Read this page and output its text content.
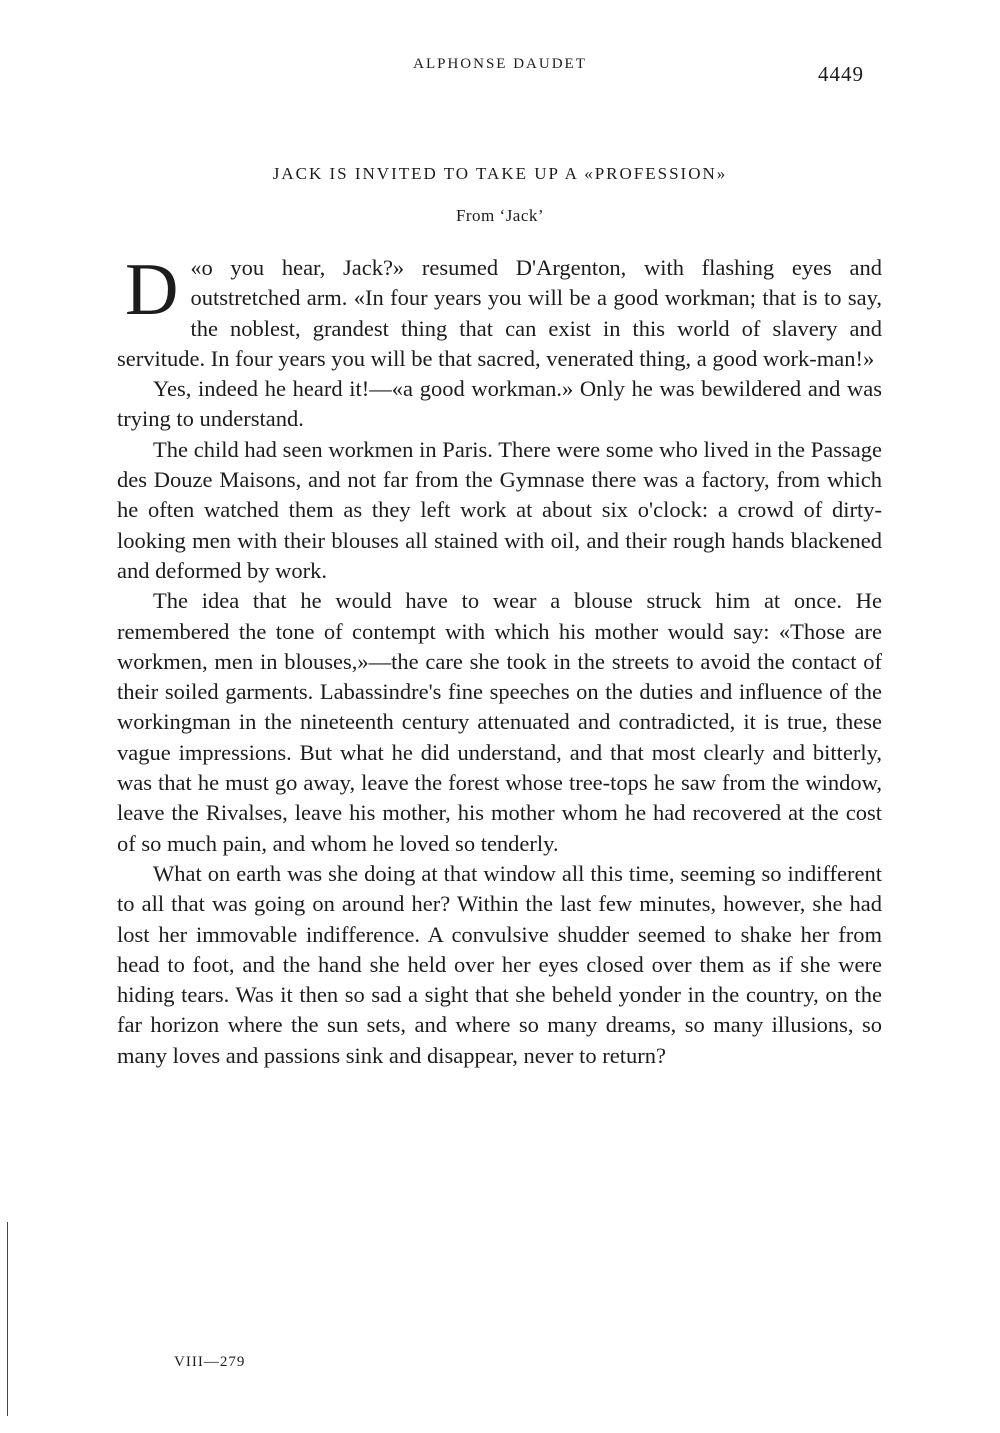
ALPHONSE DAUDET	4449
JACK IS INVITED TO TAKE UP A «PROFESSION»
From ‘Jack’

«
D o you hear, Jack?» resumed D'Argenton, with flashing eyes and outstretched arm. «In four years you will be a good workman; that is to say, the noblest, grandest thing that can exist in this world of slavery and servitude. In four years you will be that sacred, venerated thing, a good work-man!»

Yes, indeed he heard it!—«a good workman.» Only he was bewildered and was trying to understand.

The child had seen workmen in Paris. There were some who lived in the Passage des Douze Maisons, and not far from the Gymnase there was a factory, from which he often watched them as they left work at about six o'clock: a crowd of dirty-looking men with their blouses all stained with oil, and their rough hands blackened and deformed by work.

The idea that he would have to wear a blouse struck him at once. He remembered the tone of contempt with which his mother would say: «Those are workmen, men in blouses,»—the care she took in the streets to avoid the contact of their soiled garments. Labassindre's fine speeches on the duties and influence of the workingman in the nineteenth century attenuated and contradicted, it is true, these vague impressions. But what he did understand, and that most clearly and bitterly, was that he must go away, leave the forest whose tree-tops he saw from the window, leave the Rivalses, leave his mother, his mother whom he had recovered at the cost of so much pain, and whom he loved so tenderly.

What on earth was she doing at that window all this time, seeming so indifferent to all that was going on around her? Within the last few minutes, however, she had lost her immovable indifference. A convulsive shudder seemed to shake her from head to foot, and the hand she held over her eyes closed over them as if she were hiding tears. Was it then so sad a sight that she beheld yonder in the country, on the far horizon where the sun sets, and where so many dreams, so many illusions, so many loves and passions sink and disappear, never to return?

VIII—279
